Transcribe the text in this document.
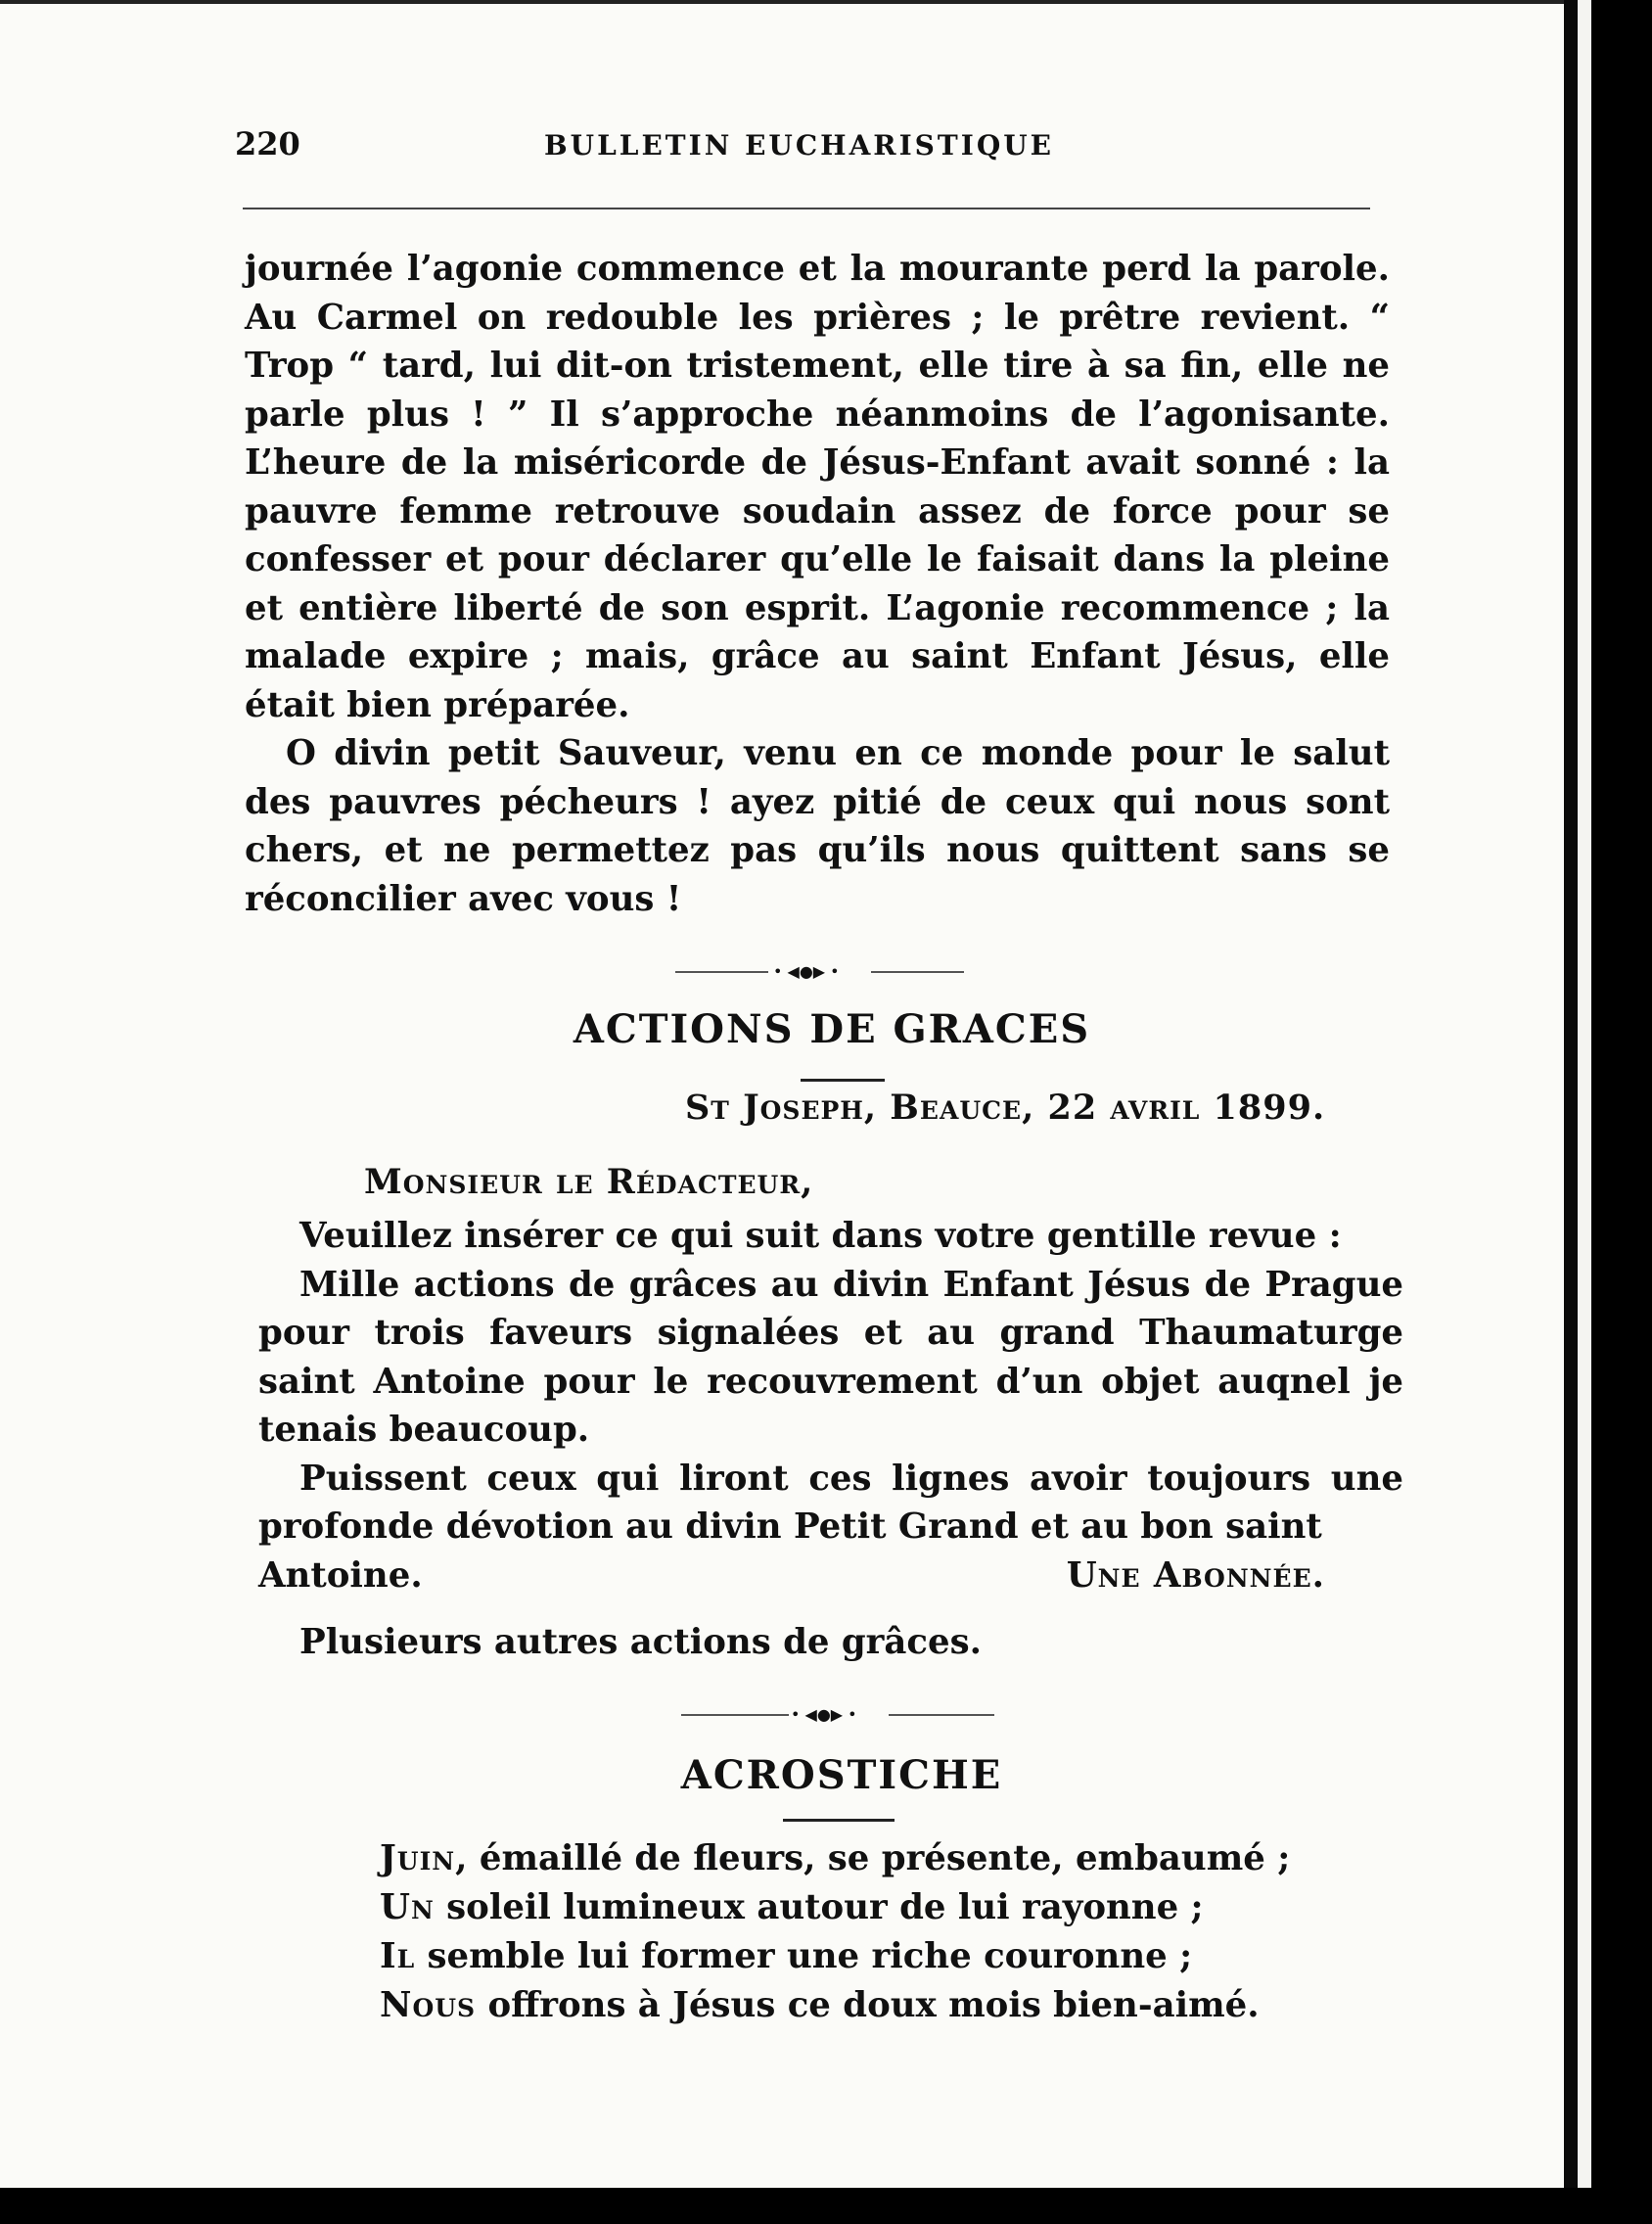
220	BULLETIN EUCHARISTIQUE

journée l’agonie commence et la mourante perd la parole. Au Carmel on redouble les prières ; le prêtre revient. “ Trop “ tard, lui dit-on tristement, elle tire à sa fin, elle ne parle plus ! ” Il s’approche néanmoins de l’agonisante. L’heure de la miséricorde de Jésus-Enfant avait sonné : la pauvre femme retrouve soudain assez de force pour se confesser et pour déclarer qu’elle le faisait dans la pleine et entière liberté de son esprit. L’agonie recommence ; la malade expire ; mais, grâce au saint Enfant Jésus, elle était bien préparée.

O divin petit Sauveur, venu en ce monde pour le salut des pauvres pécheurs ! ayez pitié de ceux qui nous sont chers, et ne permettez pas qu’ils nous quittent sans se réconcilier avec vous !

• ◀●▶ •
ACTIONS DE GRACES
St Joseph, Beauce, 22 avril 1899.
Monsieur le Rédacteur,

Veuillez insérer ce qui suit dans votre gentille revue :

Mille actions de grâces au divin Enfant Jésus de Prague pour trois faveurs signalées et au grand Thaumaturge saint Antoine pour le recouvrement d’un objet auqnel je tenais beaucoup.

Puissent ceux qui liront ces lignes avoir toujours une profonde dévotion au divin Petit Grand et au bon saint

Antoine.	Une Abonnée.

Plusieurs autres actions de grâces.

• ◀●▶ •
ACROSTICHE
Juin, émaillé de fleurs, se présente, embaumé ;
Un soleil lumineux autour de lui rayonne ;
Il semble lui former une riche couronne ;
Nous offrons à Jésus ce doux mois bien-aimé.
